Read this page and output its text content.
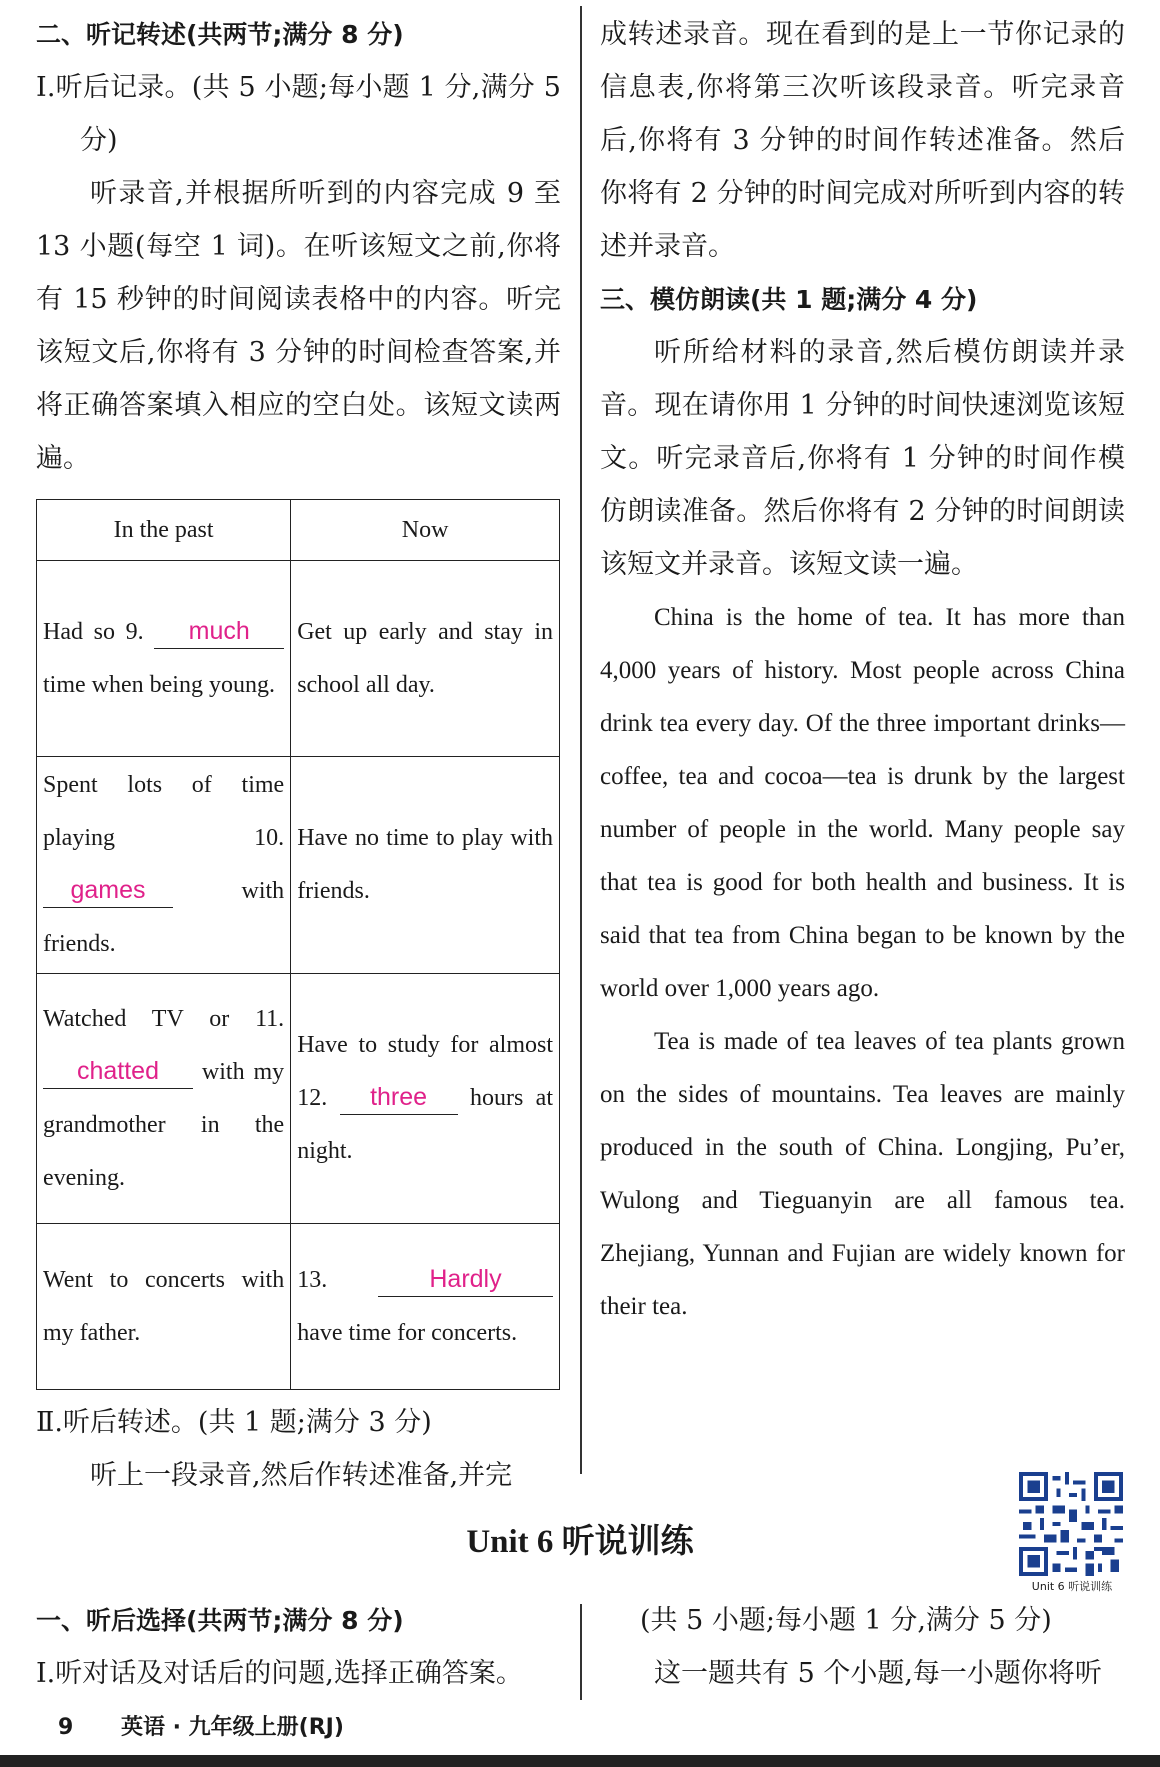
二、听记转述(共两节;满分 8 分)

Ⅰ.听后记录。(共 5 小题;每小题 1 分,满分 5 分)

听录音,并根据所听到的内容完成 9 至 13 小题(每空 1 词)。在听该短文之前,你将有 15 秒钟的时间阅读表格中的内容。听完该短文后,你将有 3 分钟的时间检查答案,并将正确答案填入相应的空白处。该短文读两遍。

In the past	Now

Had so 9. much time when being young.	Get up early and stay in school all day.

Spent lots of time playing 10. games with friends.	Have no time to play with friends.

Watched TV or 11. chatted with my grandmother in the evening.	Have to study for almost 12. three hours at night.

Went to concerts with my father.	13. Hardly have time for concerts.

Ⅱ.听后转述。(共 1 题;满分 3 分)

听上一段录音,然后作转述准备,并完

成转述录音。现在看到的是上一节你记录的信息表,你将第三次听该段录音。听完录音后,你将有 3 分钟的时间作转述准备。然后你将有 2 分钟的时间完成对所听到内容的转述并录音。

三、模仿朗读(共 1 题;满分 4 分)

听所给材料的录音,然后模仿朗读并录音。现在请你用 1 分钟的时间快速浏览该短文。听完录音后,你将有 1 分钟的时间作模仿朗读准备。然后你将有 2 分钟的时间朗读该短文并录音。该短文读一遍。

China is the home of tea. It has more than 4,000 years of history. Most people across China drink tea every day. Of the three important drinks—coffee, tea and cocoa—tea is drunk by the largest number of people in the world. Many people say that tea is good for both health and business. It is said that tea from China began to be known by the world over 1,000 years ago.

Tea is made of tea leaves of tea plants grown on the sides of mountains. Tea leaves are mainly produced in the south of China. Longjing, Pu’er, Wulong and Tieguanyin are all famous tea. Zhejiang, Yunnan and Fujian are widely known for their tea.

Unit 6 听说训练
Unit 6 听说训练

一、听后选择(共两节;满分 8 分)

Ⅰ.听对话及对话后的问题,选择正确答案。

(共 5 小题;每小题 1 分,满分 5 分)

这一题共有 5 个小题,每一小题你将听

9 英语 · 九年级上册(RJ)
